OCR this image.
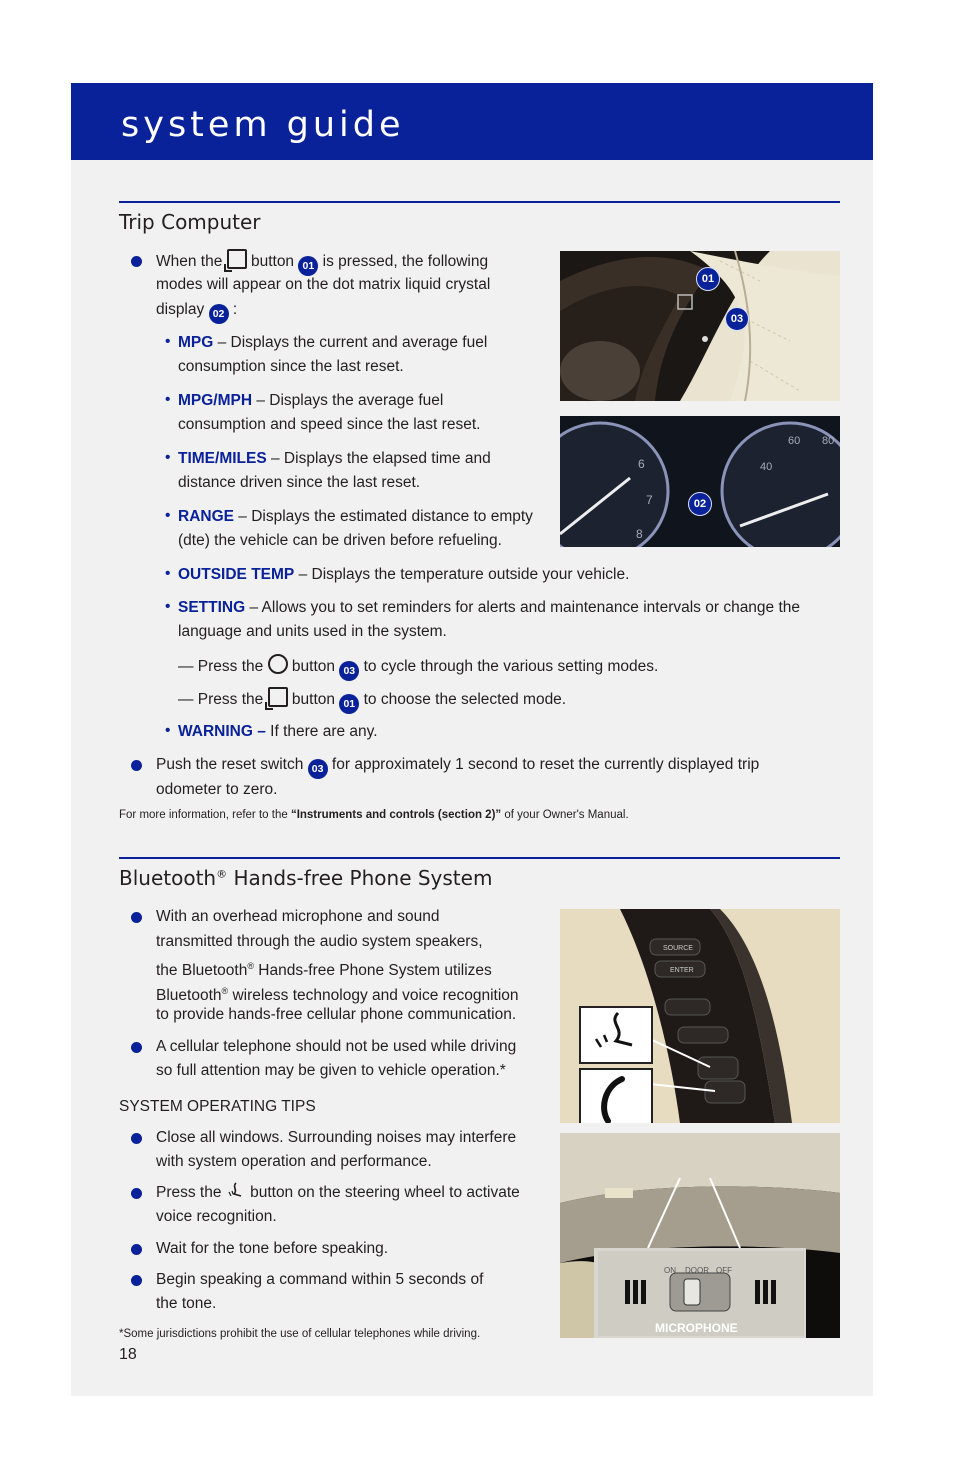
system guide
Trip Computer
When the  button 01 is pressed, the following
modes will appear on the dot matrix liquid crystal
display 02 :
• MPG – Displays the current and average fuel
consumption since the last reset.
• MPG/MPH – Displays the average fuel
consumption and speed since the last reset.
• TIME/MILES – Displays the elapsed time and
distance driven since the last reset.
• RANGE – Displays the estimated distance to empty
(dte) the vehicle can be driven before refueling.
• OUTSIDE TEMP – Displays the temperature outside your vehicle.
• SETTING – Allows you to set reminders for alerts and maintenance intervals or change the
language and units used in the system.
— Press the  button 03 to cycle through the various setting modes.
— Press the  button 01 to choose the selected mode.
• WARNING – If there are any.
Push the reset switch 03 for approximately 1 second to reset the currently displayed trip
odometer to zero.
For more information, refer to the “Instruments and controls (section 2)” of your Owner's Manual.
01
03
6
7
8
60 80
40
02
Bluetooth® Hands-free Phone System
With an overhead microphone and sound
transmitted through the audio system speakers,
the Bluetooth® Hands-free Phone System utilizes
Bluetooth® wireless technology and voice recognition
to provide hands-free cellular phone communication.
A cellular telephone should not be used while driving
so full attention may be given to vehicle operation.*
SYSTEM OPERATING TIPS
Close all windows. Surrounding noises may interfere
with system operation and performance.
Press the  button on the steering wheel to activate
voice recognition.
Wait for the tone before speaking.
Begin speaking a command within 5 seconds of
the tone.
*Some jurisdictions prohibit the use of cellular telephones while driving.
SOURCE
ENTER
ON DOOR OFF
MICROPHONE
18
